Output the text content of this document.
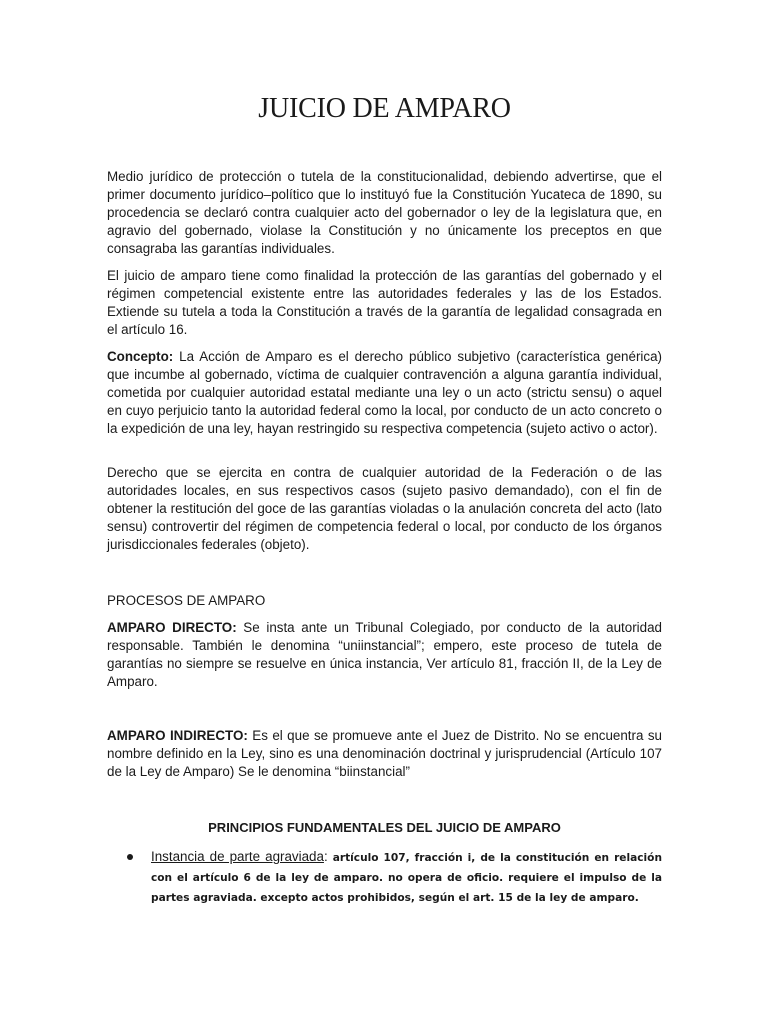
JUICIO DE AMPARO

Medio jurídico de protección o tutela de la constitucionalidad, debiendo advertirse, que el primer documento jurídico–político que lo instituyó fue la Constitución Yucateca de 1890, su procedencia se declaró contra cualquier acto del gobernador o ley de la legislatura que, en agravio del gobernado, violase la Constitución y no únicamente los preceptos en que consagraba las garantías individuales.

El juicio de amparo tiene como finalidad la protección de las garantías del gobernado y el régimen competencial existente entre las autoridades federales y las de los Estados. Extiende su tutela a toda la Constitución a través de la garantía de legalidad consagrada en el artículo 16.

Concepto: La Acción de Amparo es el derecho público subjetivo (característica genérica) que incumbe al gobernado, víctima de cualquier contravención a alguna garantía individual, cometida por cualquier autoridad estatal mediante una ley o un acto (strictu sensu) o aquel en cuyo perjuicio tanto la autoridad federal como la local, por conducto de un acto concreto o la expedición de una ley, hayan restringido su respectiva competencia (sujeto activo o actor).

Derecho que se ejercita en contra de cualquier autoridad de la Federación o de las autoridades locales, en sus respectivos casos (sujeto pasivo demandado), con el fin de obtener la restitución del goce de las garantías violadas o la anulación concreta del acto (lato sensu) controvertir del régimen de competencia federal o local, por conducto de los órganos jurisdiccionales federales (objeto).

PROCESOS DE AMPARO

AMPARO DIRECTO: Se insta ante un Tribunal Colegiado, por conducto de la autoridad responsable. También le denomina “uniinstancial”; empero, este proceso de tutela de garantías no siempre se resuelve en única instancia, Ver artículo 81, fracción II, de la Ley de Amparo.

AMPARO INDIRECTO: Es el que se promueve ante el Juez de Distrito. No se encuentra su nombre definido en la Ley, sino es una denominación doctrinal y jurisprudencial (Artículo 107 de la Ley de Amparo) Se le denomina “biinstancial”

PRINCIPIOS FUNDAMENTALES DEL JUICIO DE AMPARO

Instancia de parte agraviada: artículo 107, fracción i, de la constitución en relación con el artículo 6 de la ley de amparo. no opera de oficio. requiere el impulso de la partes agraviada. excepto actos prohibidos, según el art. 15 de la ley de amparo.
